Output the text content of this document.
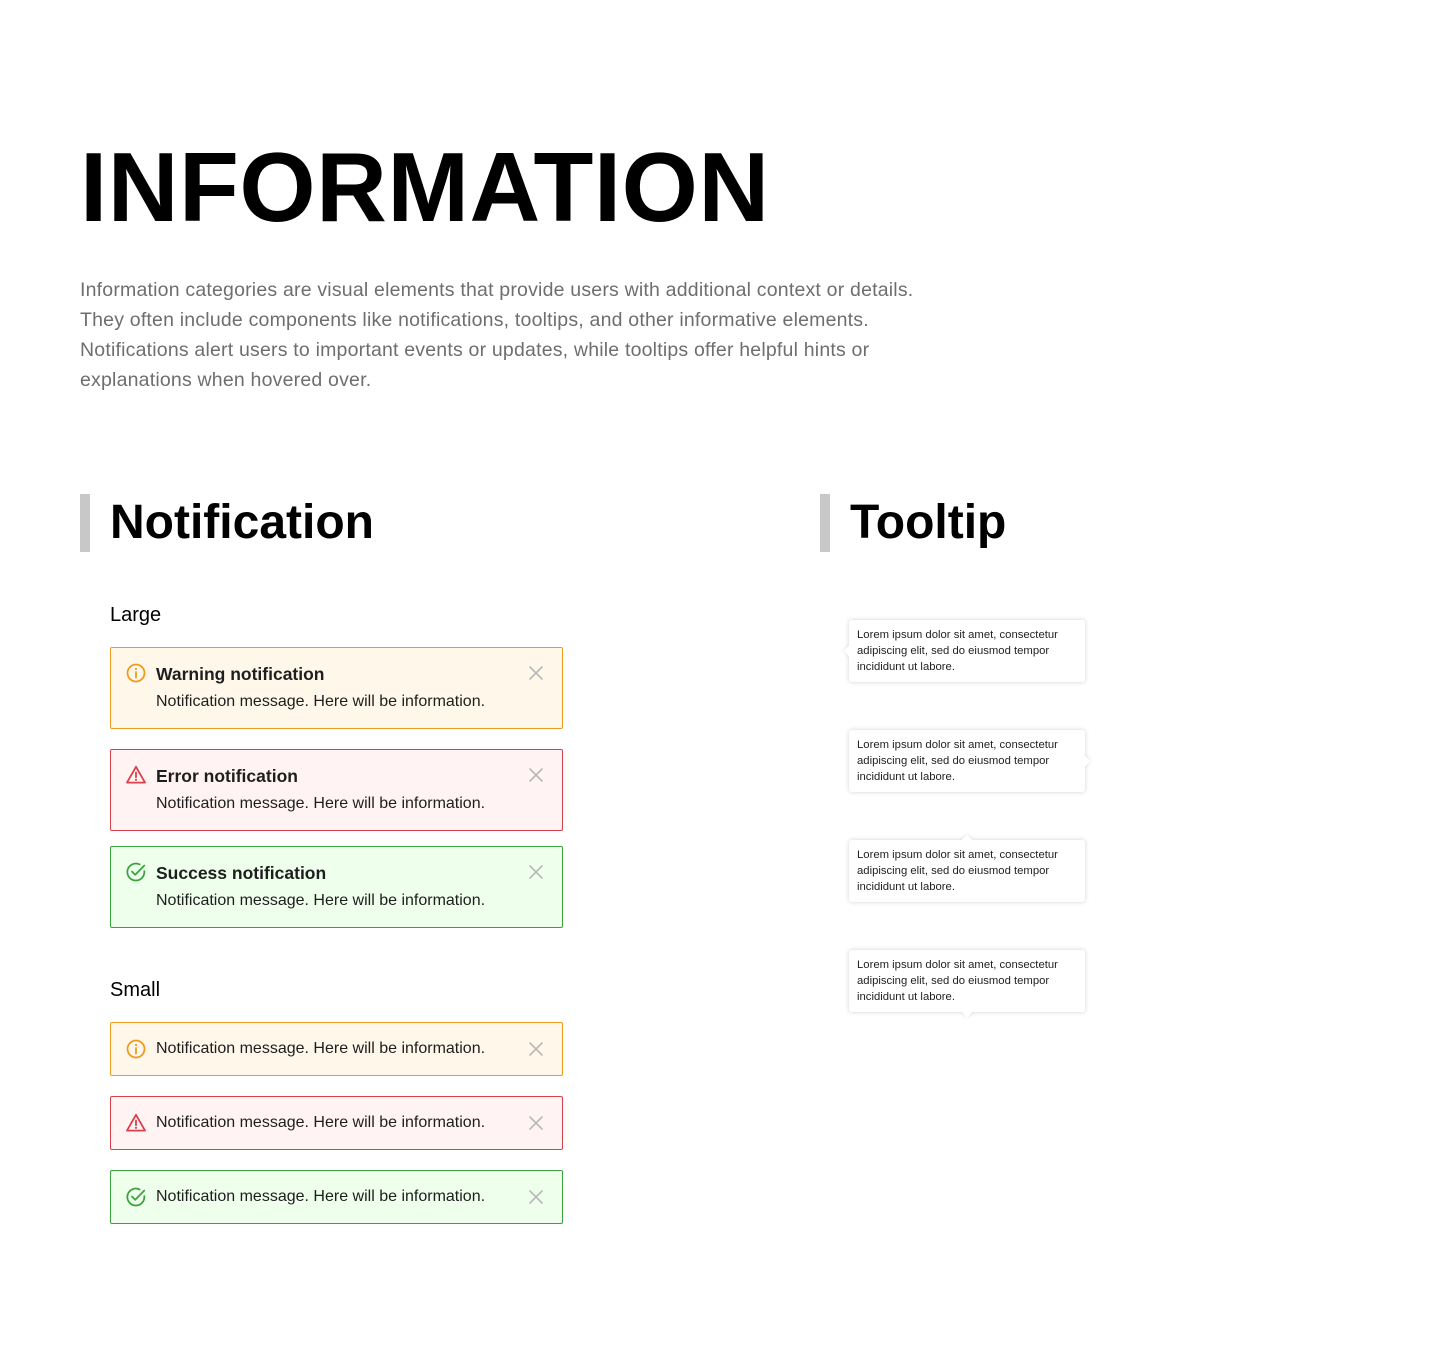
INFORMATION

Information categories are visual elements that provide users with additional context or details. They often include components like notifications, tooltips, and other informative elements. Notifications alert users to important events or updates, while tooltips offer helpful hints or explanations when hovered over.

Notification
Large
Warning notification
Notification message. Here will be information.
Error notification
Notification message. Here will be information.
Success notification
Notification message. Here will be information.
Small
Notification message. Here will be information.
Notification message. Here will be information.
Notification message. Here will be information.
Tooltip
Lorem ipsum dolor sit amet, consectetur adipiscing elit, sed do eiusmod tempor incididunt ut labore.
Lorem ipsum dolor sit amet, consectetur adipiscing elit, sed do eiusmod tempor incididunt ut labore.
Lorem ipsum dolor sit amet, consectetur adipiscing elit, sed do eiusmod tempor incididunt ut labore.
Lorem ipsum dolor sit amet, consectetur adipiscing elit, sed do eiusmod tempor incididunt ut labore.
